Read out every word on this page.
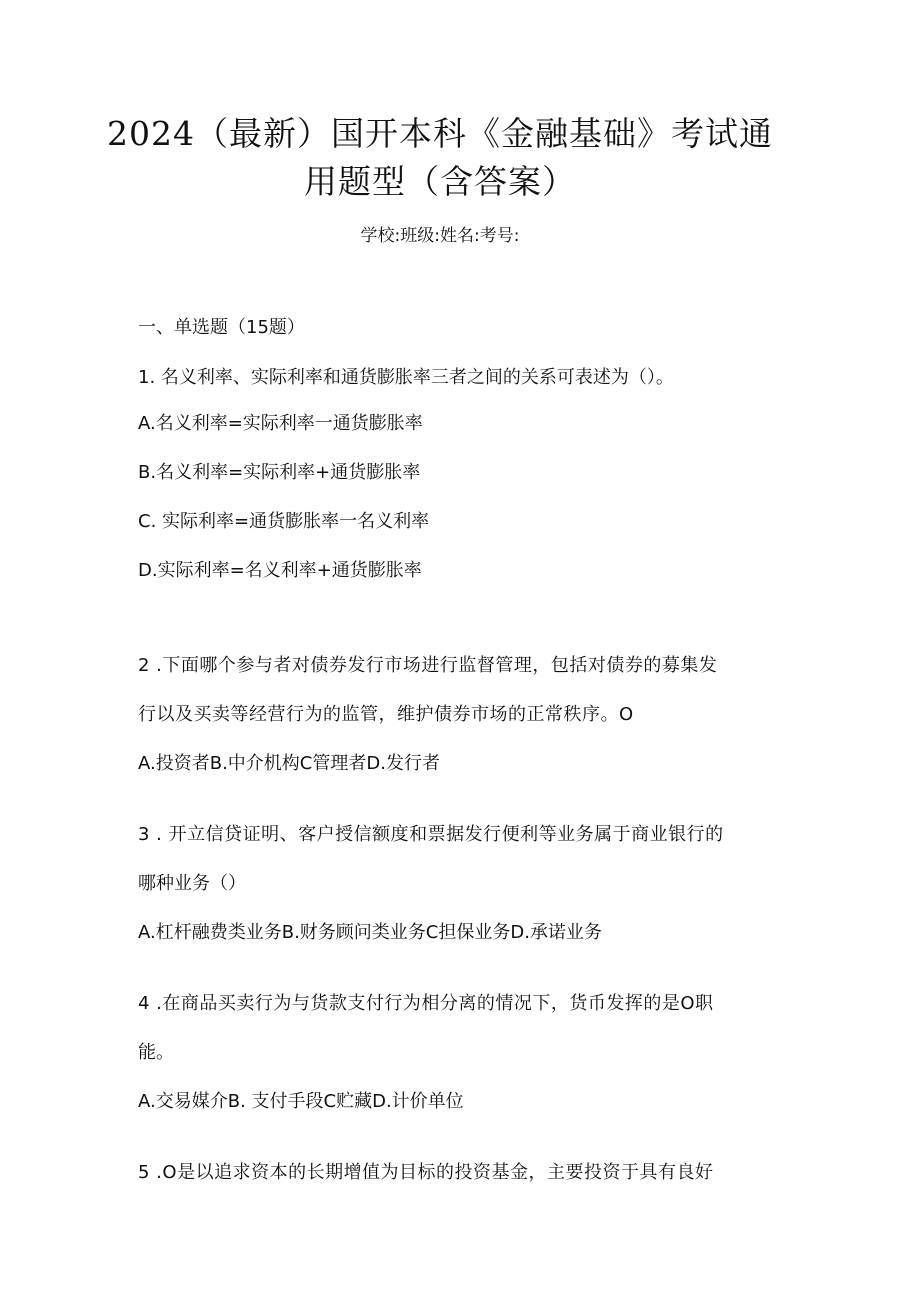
2024（最新）国开本科《金融基础》考试通
用题型（含答案）
学校:班级:姓名:考号:
一、单选题（15题）
1. 名义利率、实际利率和通货膨胀率三者之间的关系可表述为（）。
A.名义利率=实际利率一通货膨胀率
B.名义利率=实际利率+通货膨胀率
C. 实际利率=通货膨胀率一名义利率
D.实际利率=名义利率+通货膨胀率
2 .下面哪个参与者对债券发行市场进行监督管理，包括对债券的募集发
行以及买卖等经营行为的监管，维护债券市场的正常秩序。O
A.投资者B.中介机构C管理者D.发行者
3 . 开立信贷证明、客户授信额度和票据发行便利等业务属于商业银行的
哪种业务（）
A.杠杆融费类业务B.财务顾问类业务C担保业务D.承诺业务
4 .在商品买卖行为与货款支付行为相分离的情况下，货币发挥的是O职
能。
A.交易媒介B. 支付手段C贮藏D.计价单位
5 .O是以追求资本的长期增值为目标的投资基金，主要投资于具有良好
